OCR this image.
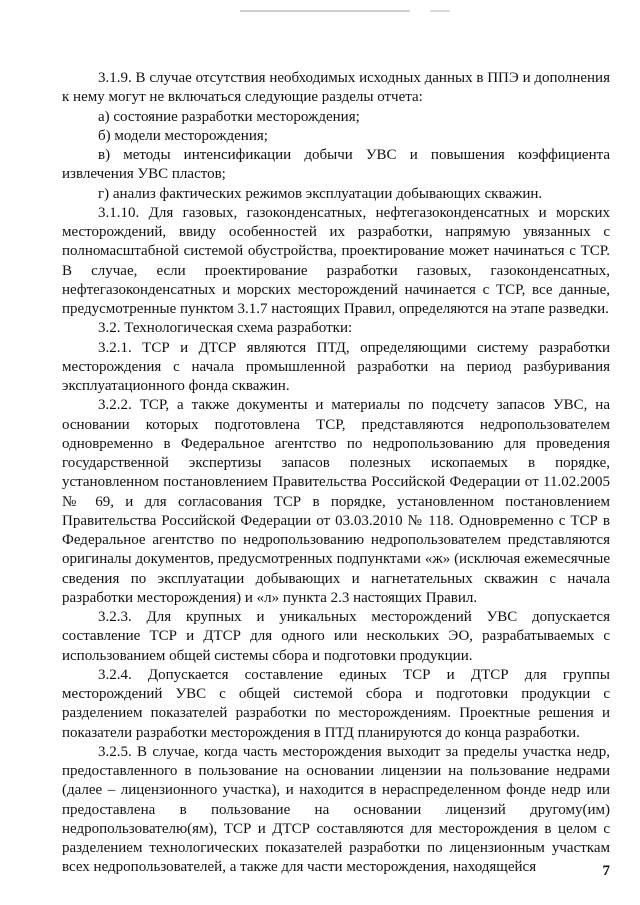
3.1.9. В случае отсутствия необходимых исходных данных в ППЭ и дополнения к нему могут не включаться следующие разделы отчета:

а) состояние разработки месторождения;

б) модели месторождения;

в) методы интенсификации добычи УВС и повышения коэффициента извлечения УВС пластов;

г) анализ фактических режимов эксплуатации добывающих скважин.

3.1.10. Для газовых, газоконденсатных, нефтегазоконденсатных и морских месторождений, ввиду особенностей их разработки, напрямую увязанных с полномасштабной системой обустройства, проектирование может начинаться с ТСР. В случае, если проектирование разработки газовых, газоконденсатных, нефтегазоконденсатных и морских месторождений начинается с ТСР, все данные, предусмотренные пунктом 3.1.7 настоящих Правил, определяются на этапе разведки.

3.2. Технологическая схема разработки:

3.2.1. ТСР и ДТСР являются ПТД, определяющими систему разработки месторождения с начала промышленной разработки на период разбуривания эксплуатационного фонда скважин.

3.2.2. ТСР, а также документы и материалы по подсчету запасов УВС, на основании которых подготовлена ТСР, представляются недропользователем одновременно в Федеральное агентство по недропользованию для проведения государственной экспертизы запасов полезных ископаемых в порядке, установленном постановлением Правительства Российской Федерации от 11.02.2005 № 69, и для согласования ТСР в порядке, установленном постановлением Правительства Российской Федерации от 03.03.2010 № 118. Одновременно с ТСР в Федеральное агентство по недропользованию недропользователем представляются оригиналы документов, предусмотренных подпунктами «ж» (исключая ежемесячные сведения по эксплуатации добывающих и нагнетательных скважин с начала разработки месторождения) и «л» пункта 2.3 настоящих Правил.

3.2.3. Для крупных и уникальных месторождений УВС допускается составление ТСР и ДТСР для одного или нескольких ЭО, разрабатываемых с использованием общей системы сбора и подготовки продукции.

3.2.4. Допускается составление единых ТСР и ДТСР для группы месторождений УВС с общей системой сбора и подготовки продукции с разделением показателей разработки по месторождениям. Проектные решения и показатели разработки месторождения в ПТД планируются до конца разработки.

3.2.5. В случае, когда часть месторождения выходит за пределы участка недр, предоставленного в пользование на основании лицензии на пользование недрами (далее – лицензионного участка), и находится в нераспределенном фонде недр или предоставлена в пользование на основании лицензий другому(им) недропользователю(ям), ТСР и ДТСР составляются для месторождения в целом с разделением технологических показателей разработки по лицензионным участкам всех недропользователей, а также для части месторождения, находящейся	7
